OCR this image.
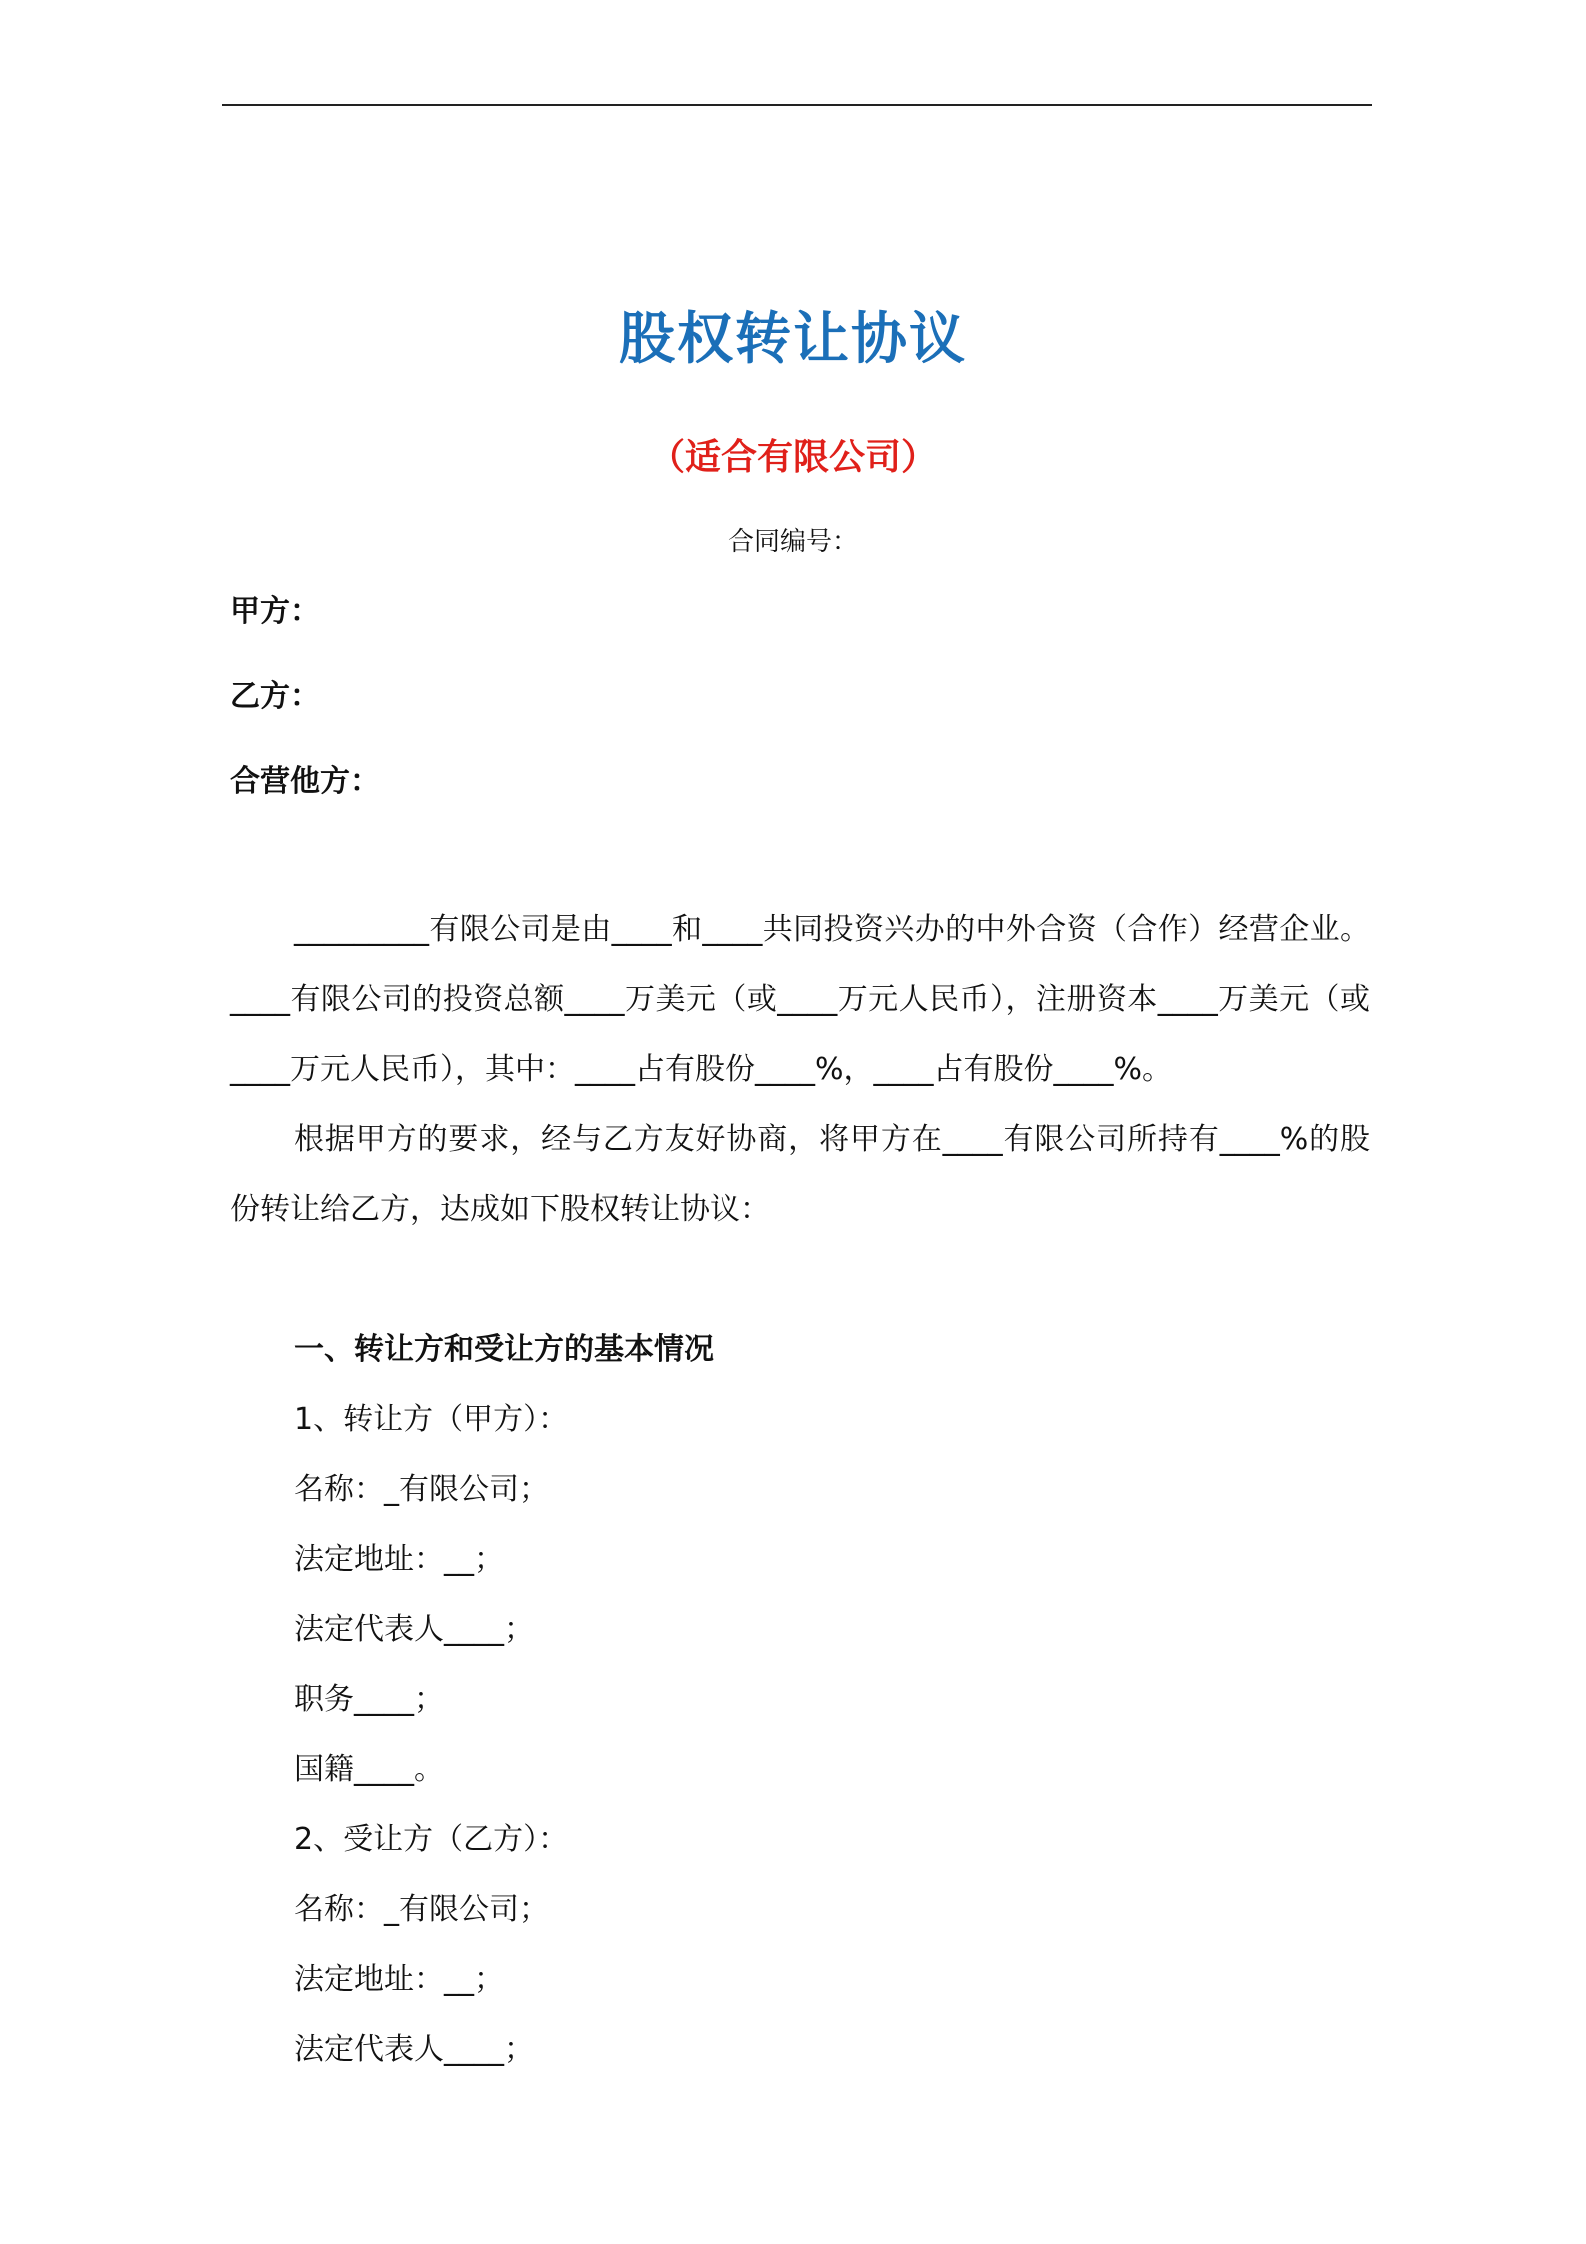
股权转让协议
（适合有限公司）
合同编号：
甲方：
乙方：
合营他方：

_________有限公司是由____和____共同投资兴办的中外合资（合作）经营企业。____有限公司的投资总额____万美元（或____万元人民币），注册资本____万美元（或____万元人民币），其中：____占有股份____%，____占有股份____%。

根据甲方的要求，经与乙方友好协商，将甲方在____有限公司所持有____%的股份转让给乙方，达成如下股权转让协议：

一、转让方和受让方的基本情况
1、转让方（甲方）：
名称：_有限公司；
法定地址：__；
法定代表人____；
职务____；
国籍____。
2、受让方（乙方）：
名称：_有限公司；
法定地址：__；
法定代表人____；
